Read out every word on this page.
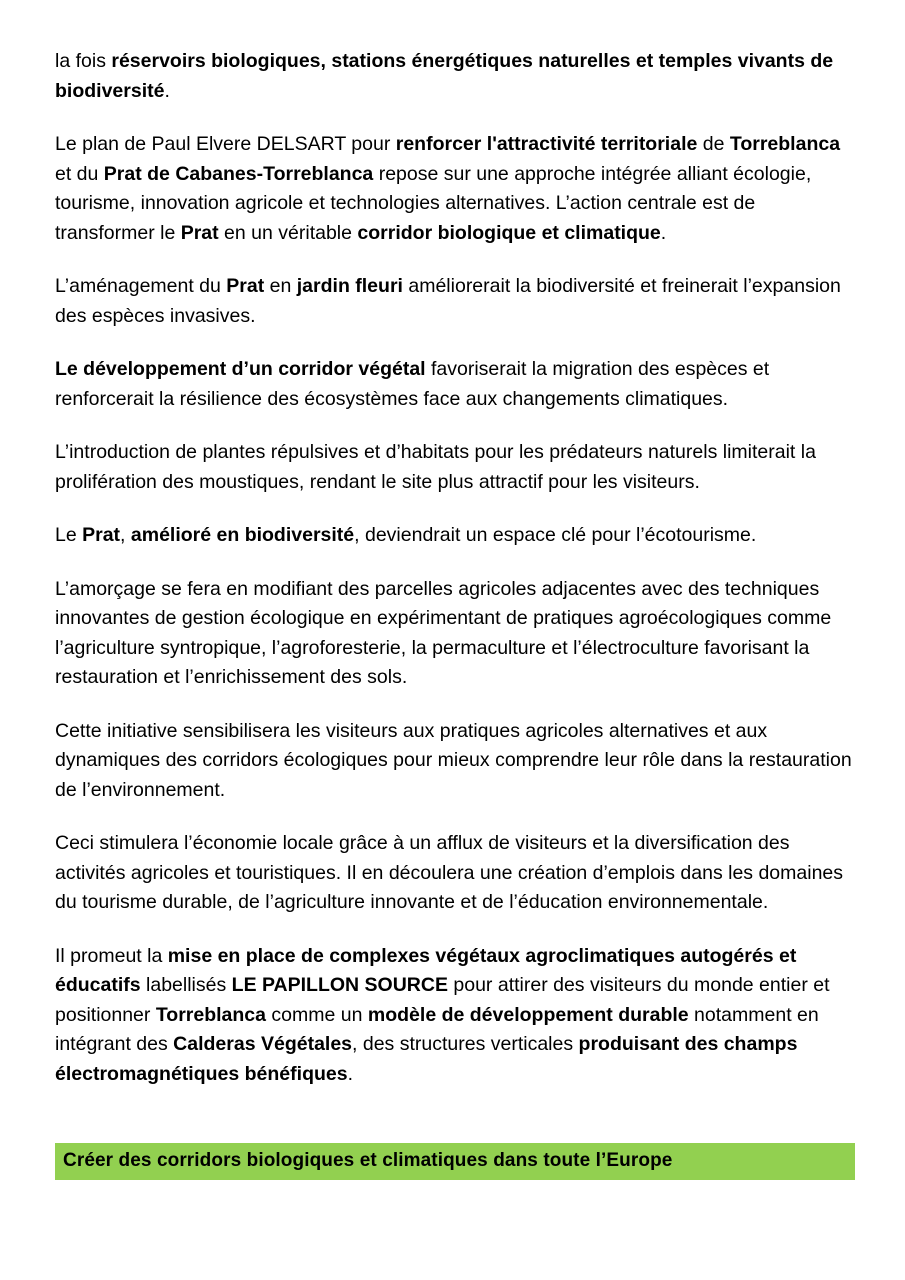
la fois réservoirs biologiques, stations énergétiques naturelles et temples vivants de biodiversité.

Le plan de Paul Elvere DELSART pour renforcer l'attractivité territoriale de Torreblanca et du Prat de Cabanes-Torreblanca repose sur une approche intégrée alliant écologie, tourisme, innovation agricole et technologies alternatives. L’action centrale est de transformer le Prat en un véritable corridor biologique et climatique.

L’aménagement du Prat en jardin fleuri améliorerait la biodiversité et freinerait l’expansion des espèces invasives.

Le développement d’un corridor végétal favoriserait la migration des espèces et renforcerait la résilience des écosystèmes face aux changements climatiques.

L’introduction de plantes répulsives et d’habitats pour les prédateurs naturels limiterait la prolifération des moustiques, rendant le site plus attractif pour les visiteurs.

Le Prat, amélioré en biodiversité, deviendrait un espace clé pour l’écotourisme.

L’amorçage se fera en modifiant des parcelles agricoles adjacentes avec des techniques innovantes de gestion écologique en expérimentant de pratiques agroécologiques comme l’agriculture syntropique, l’agroforesterie, la permaculture et l’électroculture favorisant la restauration et l’enrichissement des sols.

Cette initiative sensibilisera les visiteurs aux pratiques agricoles alternatives et aux dynamiques des corridors écologiques pour mieux comprendre leur rôle dans la restauration de l’environnement.

Ceci stimulera l’économie locale grâce à un afflux de visiteurs et la diversification des activités agricoles et touristiques. Il en découlera une création d’emplois dans les domaines du tourisme durable, de l’agriculture innovante et de l’éducation environnementale.

Il promeut la mise en place de complexes végétaux agroclimatiques autogérés et éducatifs labellisés LE PAPILLON SOURCE pour attirer des visiteurs du monde entier et positionner Torreblanca comme un modèle de développement durable notamment en intégrant des Calderas Végétales, des structures verticales produisant des champs électromagnétiques bénéfiques.

Créer des corridors biologiques et climatiques dans toute l’Europe
